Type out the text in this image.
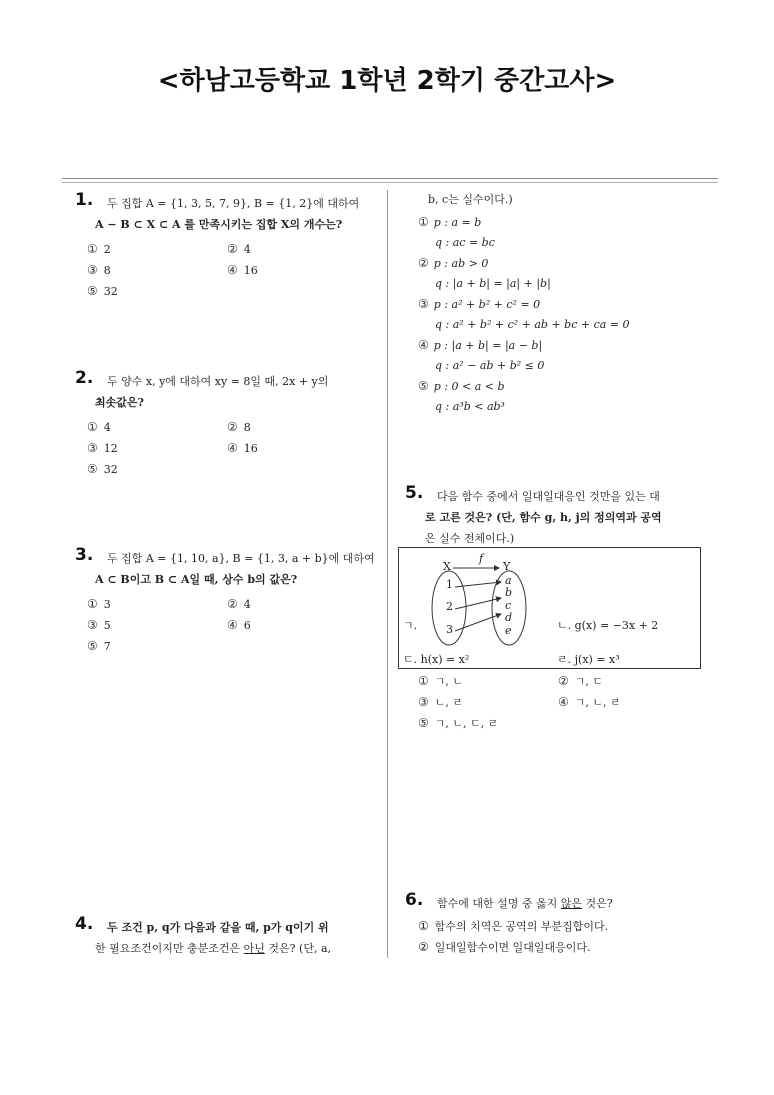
<하남고등학교 1학년 2학기 중간고사>
1. 두 집합 A = {1, 3, 5, 7, 9}, B = {1, 2}에 대하여
A − B ⊂ X ⊂ A 를 만족시키는 집합 X의 개수는?
① 2	② 4
③ 8	④ 16
⑤ 32
2. 두 양수 x, y에 대하여 xy = 8일 때, 2x + y의
최솟값은?
① 4	② 8
③ 12	④ 16
⑤ 32
3. 두 집합 A = {1, 10, a}, B = {1, 3, a + b}에 대하여
A ⊂ B이고 B ⊂ A일 때, 상수 b의 값은?
① 3	② 4
③ 5	④ 6
⑤ 7
4. 두 조건 p, q가 다음과 같을 때, p가 q이기 위
한 필요조건이지만 충분조건은 아닌 것은? (단, a,
b, c는 실수이다.)
① p : a = b
q : ac = bc
② p : ab > 0
q : |a + b| = |a| + |b|
③ p : a² + b² + c² = 0
q : a² + b² + c² + ab + bc + ca = 0
④ p : |a + b| = |a − b|
q : a² − ab + b² ≤ 0
⑤ p : 0 < a < b
q : a³b < ab³
5. 다음 함수 중에서 일대일대응인 것만을 있는 대
로 고른 것은? (단, 함수 g, h, j의 정의역과 공역
은 실수 전체이다.)
f
X	Y
1
2
3
a
b
c
d
e
ㄱ.	ㄴ. g(x) = −3x + 2
ㄷ. h(x) = x²	ㄹ. j(x) = x³
① ㄱ, ㄴ	② ㄱ, ㄷ
③ ㄴ, ㄹ	④ ㄱ, ㄴ, ㄹ
⑤ ㄱ, ㄴ, ㄷ, ㄹ
6. 함수에 대한 설명 중 옳지 않은 것은?
① 함수의 치역은 공역의 부분집합이다.
② 일대일함수이면 일대일대응이다.
